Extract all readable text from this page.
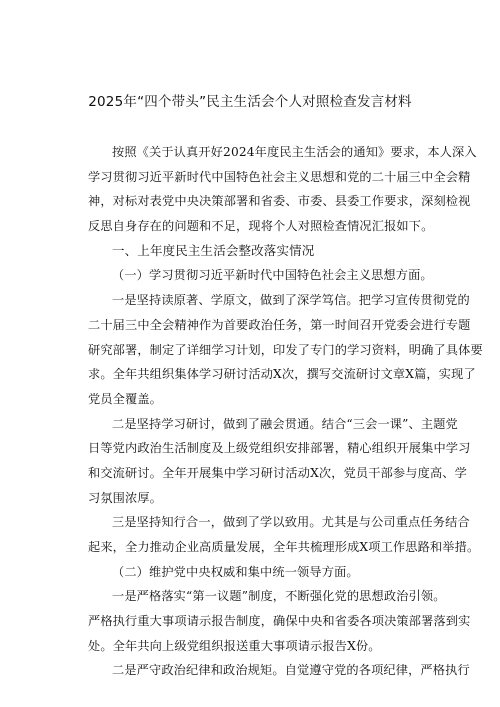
2025年“四个带头”民主生活会个人对照检查发言材料
按照《关于认真开好2024年度民主生活会的通知》要求，本人深入
学习贯彻习近平新时代中国特色社会主义思想和党的二十届三中全会精
神，对标对表党中央决策部署和省委、市委、县委工作要求，深刻检视
反思自身存在的问题和不足，现将个人对照检查情况汇报如下。
一、上年度民主生活会整改落实情况
（一）学习贯彻习近平新时代中国特色社会主义思想方面。
一是坚持读原著、学原文，做到了深学笃信。把学习宣传贯彻党的
二十届三中全会精神作为首要政治任务，第一时间召开党委会进行专题
研究部署，制定了详细学习计划，印发了专门的学习资料，明确了具体要
求。全年共组织集体学习研讨活动X次，撰写交流研讨文章X篇，实现了
党员全覆盖。
二是坚持学习研讨，做到了融会贯通。结合“三会一课”、主题党
日等党内政治生活制度及上级党组织安排部署，精心组织开展集中学习
和交流研讨。全年开展集中学习研讨活动X次，党员干部参与度高、学
习氛围浓厚。
三是坚持知行合一，做到了学以致用。尤其是与公司重点任务结合
起来，全力推动企业高质量发展，全年共梳理形成X项工作思路和举措。
（二）维护党中央权威和集中统一领导方面。
一是严格落实“第一议题”制度，不断强化党的思想政治引领。
严格执行重大事项请示报告制度，确保中央和省委各项决策部署落到实
处。全年共向上级党组织报送重大事项请示报告X份。
二是严守政治纪律和政治规矩。自觉遵守党的各项纪律，严格执行
